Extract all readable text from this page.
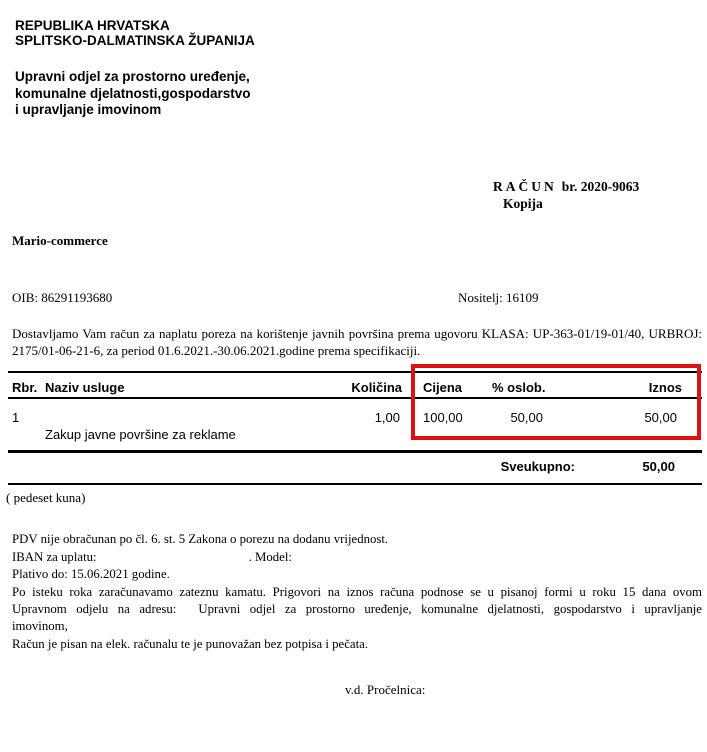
REPUBLIKA HRVATSKA
SPLITSKO-DALMATINSKA ŽUPANIJA
Upravni odjel za prostorno uređenje,
komunalne djelatnosti,gospodarstvo
i upravljanje imovinom
RAČUN br. 2020-9063
Kopija
Mario-commerce
OIB: 86291193680	Nositelj: 16109
Dostavljamo Vam račun za naplatu poreza na korištenje javnih površina prema ugovoru KLASA: UP-363-01/19-01/40, URBROJ:
2175/01-06-21-6, za period 01.6.2021.-30.06.2021.godine prema specifikaciji.
Rbr. Naziv usluge	Količina Cijena % oslob.	Iznos
1	1,00 100,00	50,00	50,00
Zakup javne površine za reklame
Sveukupno:	50,00
( pedeset kuna)
PDV nije obračunan po čl. 6. st. 5 Zakona o porezu na dodanu vrijednost.
IBAN za uplatu:	. Model:
Plativo do: 15.06.2021 godine.
Po isteku roka zaračunavamo zateznu kamatu. Prigovori na iznos računa podnose se u pisanoj formi u roku 15 dana ovom
Upravnom odjelu na adresu: Upravni odjel za prostorno uređenje, komunalne djelatnosti, gospodarstvo i upravljanje
imovinom,
Račun je pisan na elek. računalu te je punovažan bez potpisa i pečata.
v.d. Pročelnica:
